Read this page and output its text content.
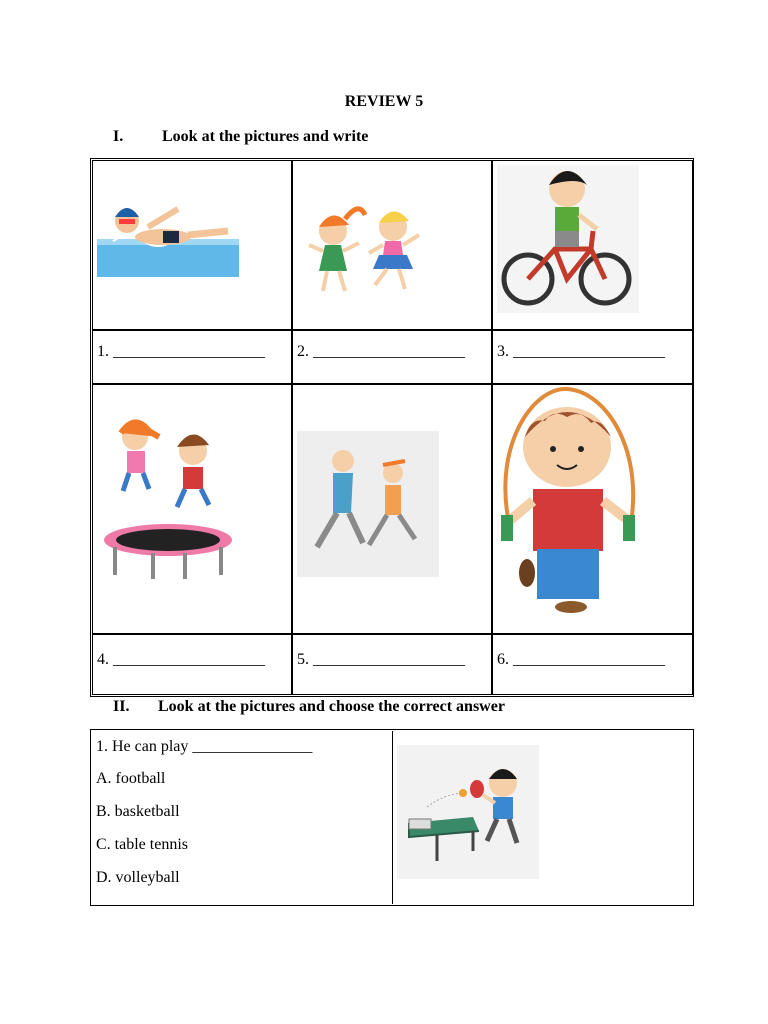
REVIEW 5
I. Look at the pictures and write
1. ___________________ 2. ___________________ 3. ___________________
4. ___________________ 5. ___________________ 6. ___________________
II. Look at the pictures and choose the correct answer
1. He can play _______________
A. football
B. basketball
C. table tennis
D. volleyball
